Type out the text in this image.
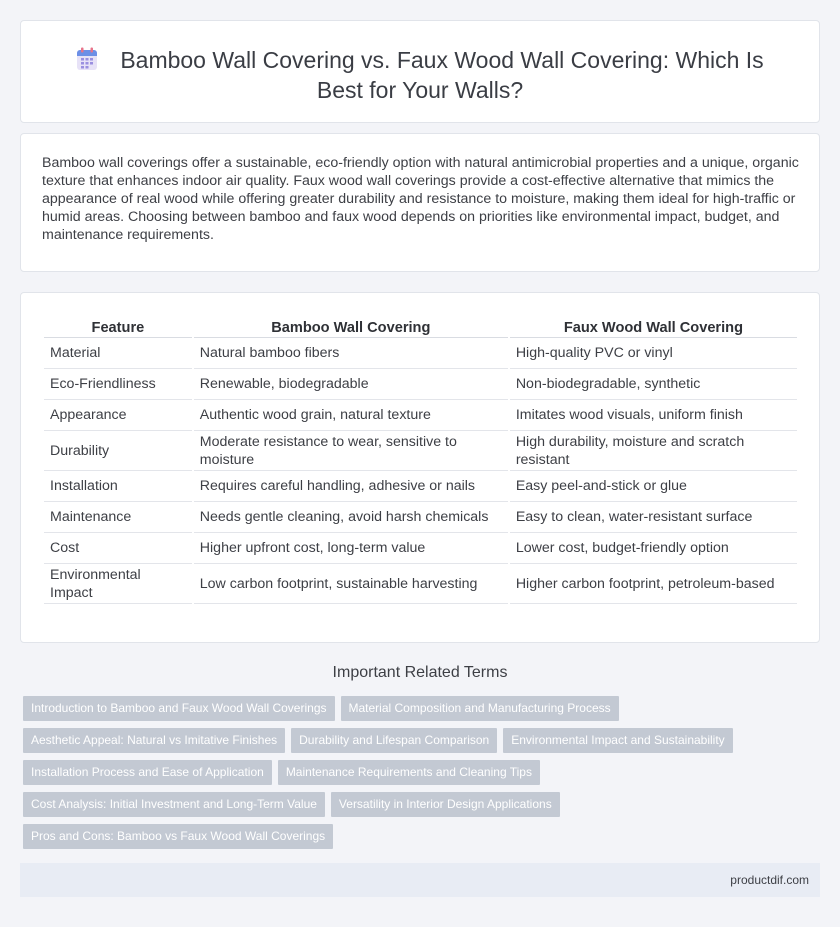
Bamboo Wall Covering vs. Faux Wood Wall Covering: Which Is Best for Your Walls?

Bamboo wall coverings offer a sustainable, eco-friendly option with natural antimicrobial properties and a unique, organic texture that enhances indoor air quality. Faux wood wall coverings provide a cost-effective alternative that mimics the appearance of real wood while offering greater durability and resistance to moisture, making them ideal for high-traffic or humid areas. Choosing between bamboo and faux wood depends on priorities like environmental impact, budget, and maintenance requirements.

Feature	Bamboo Wall Covering	Faux Wood Wall Covering
Material	Natural bamboo fibers	High-quality PVC or vinyl
Eco-Friendliness	Renewable, biodegradable	Non-biodegradable, synthetic
Appearance	Authentic wood grain, natural texture	Imitates wood visuals, uniform finish
Durability	Moderate resistance to wear, sensitive to moisture	High durability, moisture and scratch resistant
Installation	Requires careful handling, adhesive or nails	Easy peel-and-stick or glue
Maintenance	Needs gentle cleaning, avoid harsh chemicals	Easy to clean, water-resistant surface
Cost	Higher upfront cost, long-term value	Lower cost, budget-friendly option
Environmental Impact	Low carbon footprint, sustainable harvesting	Higher carbon footprint, petroleum-based
Important Related Terms
Introduction to Bamboo and Faux Wood Wall Coverings Material Composition and Manufacturing Process
Aesthetic Appeal: Natural vs Imitative Finishes Durability and Lifespan Comparison Environmental Impact and Sustainability
Installation Process and Ease of Application Maintenance Requirements and Cleaning Tips
Cost Analysis: Initial Investment and Long-Term Value Versatility in Interior Design Applications
Pros and Cons: Bamboo vs Faux Wood Wall Coverings
productdif.com
